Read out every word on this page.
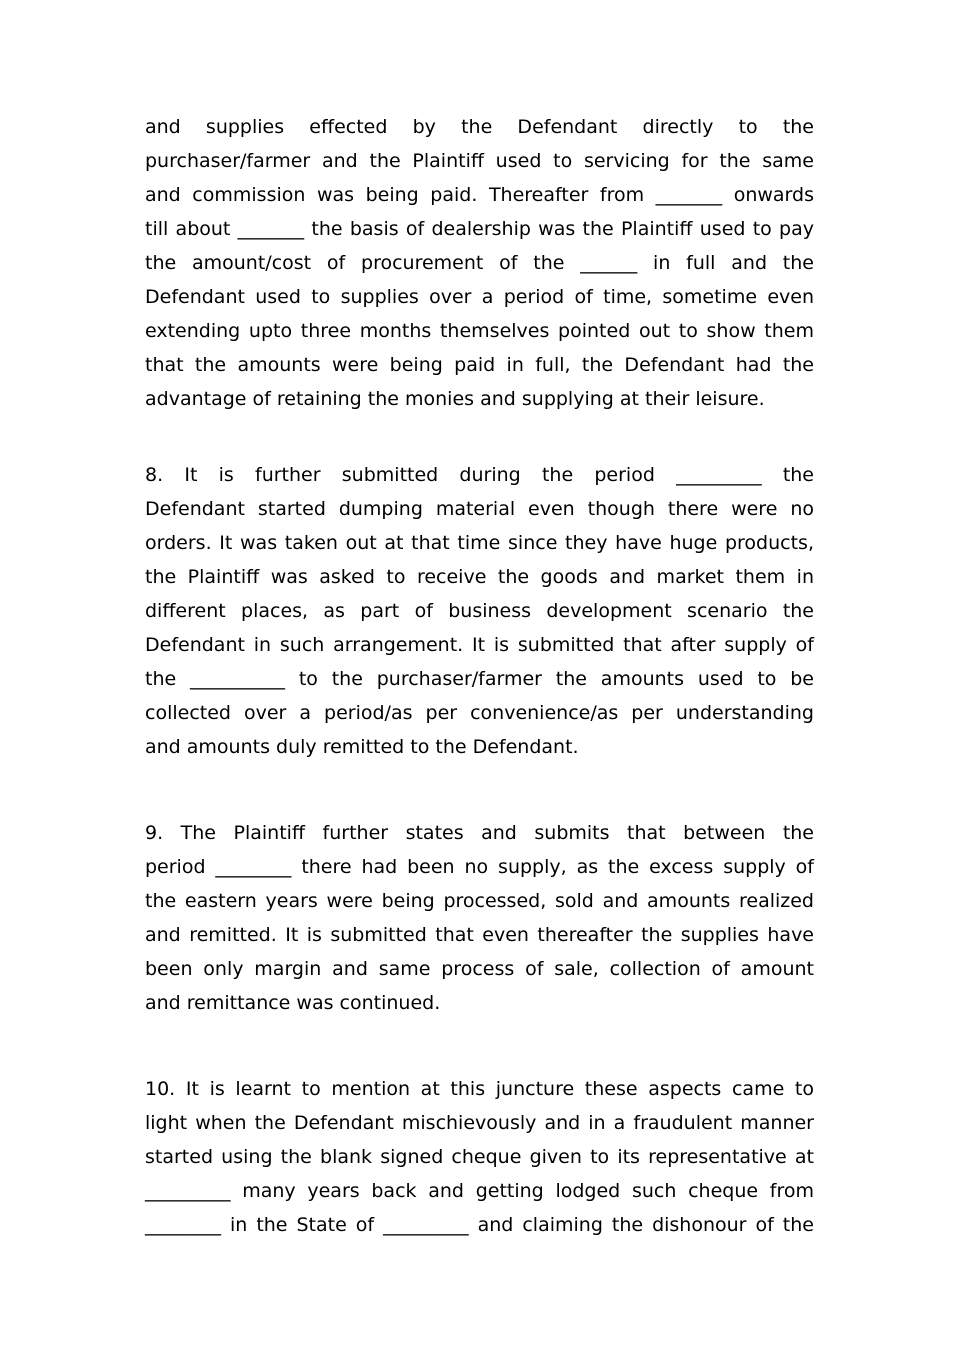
and supplies effected by the Defendant directly to the
purchaser/farmer and the Plaintiff used to servicing for the same
and commission was being paid. Thereafter from _______ onwards
till about _______ the basis of dealership was the Plaintiff used to pay
the amount/cost of procurement of the ______ in full and the
Defendant used to supplies over a period of time, sometime even
extending upto three months themselves pointed out to show them
that the amounts were being paid in full, the Defendant had the
advantage of retaining the monies and supplying at their leisure.
8. It is further submitted during the period _________ the
Defendant started dumping material even though there were no
orders. It was taken out at that time since they have huge products,
the Plaintiff was asked to receive the goods and market them in
different places, as part of business development scenario the
Defendant in such arrangement. It is submitted that after supply of
the __________ to the purchaser/farmer the amounts used to be
collected over a period/as per convenience/as per understanding
and amounts duly remitted to the Defendant.
9. The Plaintiff further states and submits that between the
period ________ there had been no supply, as the excess supply of
the eastern years were being processed, sold and amounts realized
and remitted. It is submitted that even thereafter the supplies have
been only margin and same process of sale, collection of amount
and remittance was continued.
10. It is learnt to mention at this juncture these aspects came to
light when the Defendant mischievously and in a fraudulent manner
started using the blank signed cheque given to its representative at
_________ many years back and getting lodged such cheque from
________ in the State of _________ and claiming the dishonour of the
